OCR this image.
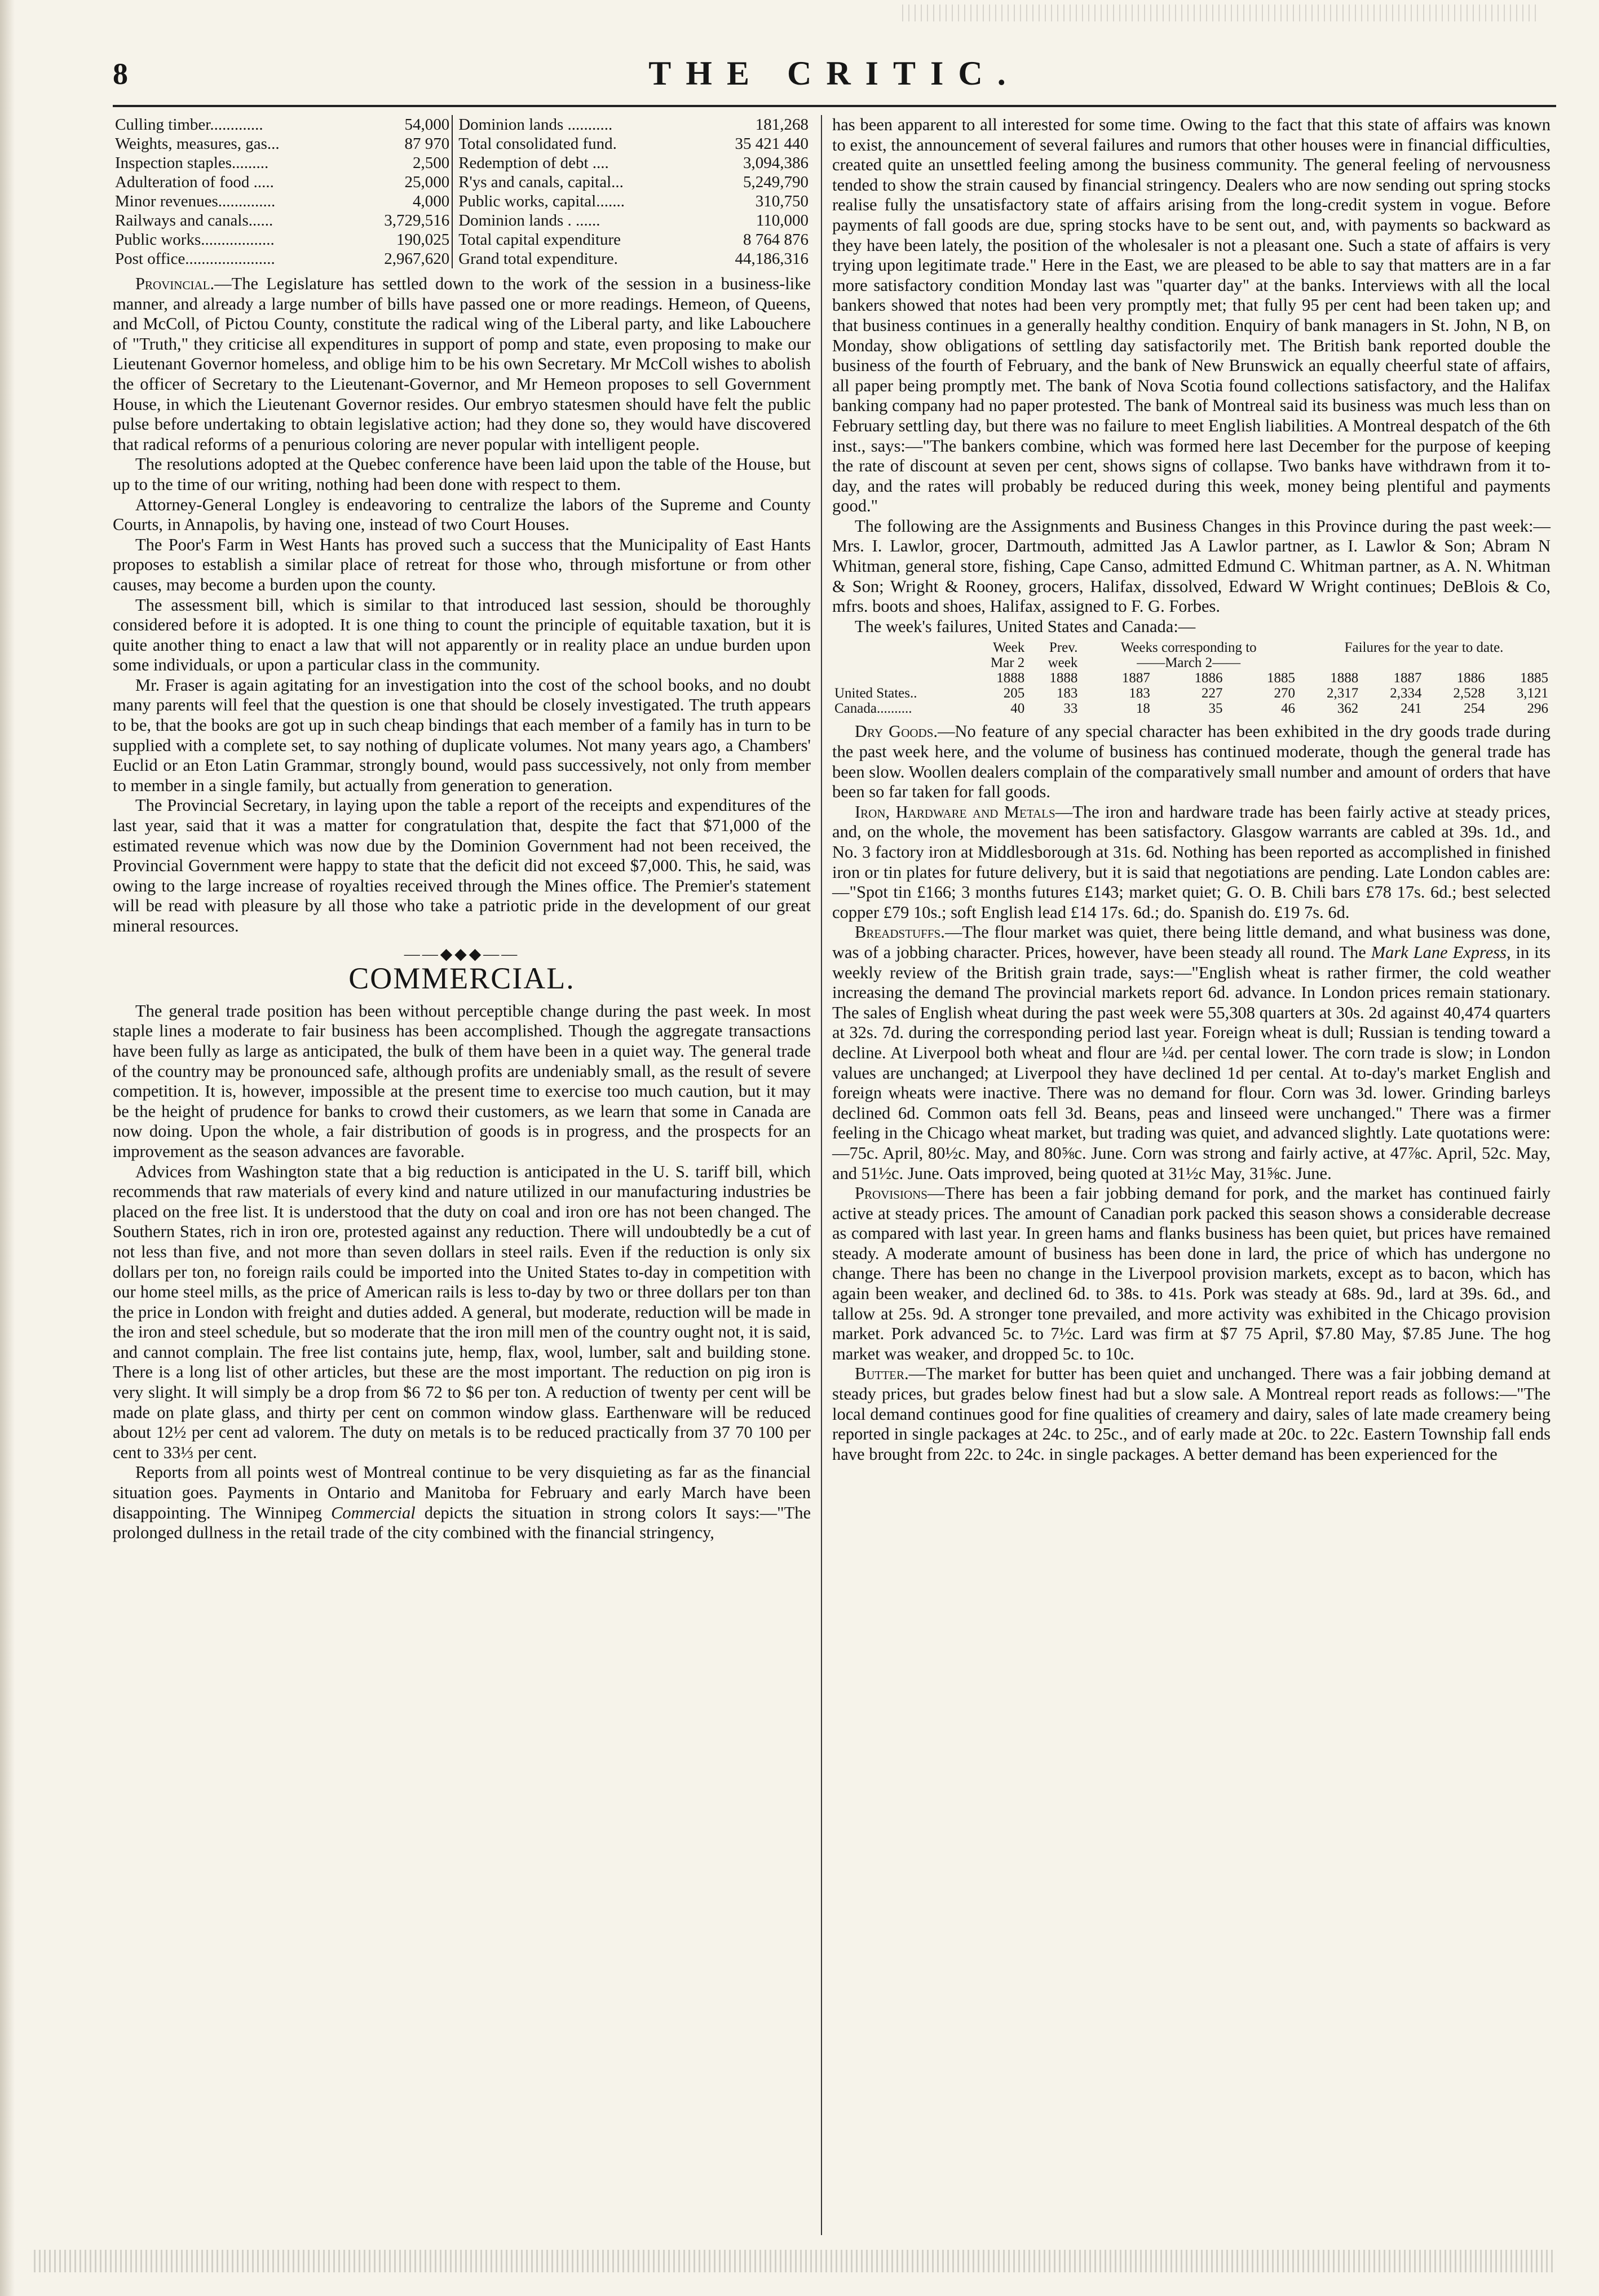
8	THE CRITIC.
Culling timber.............	54,000	Dominion lands ...........	181,268
Weights, measures, gas...	87 970	Total consolidated fund.	35 421 440
Inspection staples.........	2,500	Redemption of debt ....	3,094,386
Adulteration of food .....	25,000	R'ys and canals, capital...	5,249,790
Minor revenues..............	4,000	Public works, capital.......	310,750
Railways and canals......	3,729,516	Dominion lands . ......	110,000
Public works..................	190,025	Total capital expenditure	8 764 876
Post office......................	2,967,620	Grand total expenditure.	44,186,316

Provincial.—The Legislature has settled down to the work of the session in a business-like manner, and already a large number of bills have passed one or more readings. Hemeon, of Queens, and McColl, of Pictou County, constitute the radical wing of the Liberal party, and like Labouchere of "Truth," they criticise all expenditures in support of pomp and state, even proposing to make our Lieutenant Governor homeless, and oblige him to be his own Secretary. Mr McColl wishes to abolish the officer of Secretary to the Lieutenant-Governor, and Mr Hemeon proposes to sell Government House, in which the Lieutenant Governor resides. Our embryo statesmen should have felt the public pulse before undertaking to obtain legislative action; had they done so, they would have discovered that radical reforms of a penurious coloring are never popular with intelligent people.

The resolutions adopted at the Quebec conference have been laid upon the table of the House, but up to the time of our writing, nothing had been done with respect to them.

Attorney-General Longley is endeavoring to centralize the labors of the Supreme and County Courts, in Annapolis, by having one, instead of two Court Houses.

The Poor's Farm in West Hants has proved such a success that the Municipality of East Hants proposes to establish a similar place of retreat for those who, through misfortune or from other causes, may become a burden upon the county.

The assessment bill, which is similar to that introduced last session, should be thoroughly considered before it is adopted. It is one thing to count the principle of equitable taxation, but it is quite another thing to enact a law that will not apparently or in reality place an undue burden upon some individuals, or upon a particular class in the community.

Mr. Fraser is again agitating for an investigation into the cost of the school books, and no doubt many parents will feel that the question is one that should be closely investigated. The truth appears to be, that the books are got up in such cheap bindings that each member of a family has in turn to be supplied with a complete set, to say nothing of duplicate volumes. Not many years ago, a Chambers' Euclid or an Eton Latin Grammar, strongly bound, would pass successively, not only from member to member in a single family, but actually from generation to generation.

The Provincial Secretary, in laying upon the table a report of the receipts and expenditures of the last year, said that it was a matter for congratulation that, despite the fact that $71,000 of the estimated revenue which was now due by the Dominion Government had not been received, the Provincial Government were happy to state that the deficit did not exceed $7,000. This, he said, was owing to the large increase of royalties received through the Mines office. The Premier's statement will be read with pleasure by all those who take a patriotic pride in the development of our great mineral resources.

——◆◆◆——
COMMERCIAL.

The general trade position has been without perceptible change during the past week. In most staple lines a moderate to fair business has been accomplished. Though the aggregate transactions have been fully as large as anticipated, the bulk of them have been in a quiet way. The general trade of the country may be pronounced safe, although profits are undeniably small, as the result of severe competition. It is, however, impossible at the present time to exercise too much caution, but it may be the height of prudence for banks to crowd their customers, as we learn that some in Canada are now doing. Upon the whole, a fair distribution of goods is in progress, and the prospects for an improvement as the season advances are favorable.

Advices from Washington state that a big reduction is anticipated in the U. S. tariff bill, which recommends that raw materials of every kind and nature utilized in our manufacturing industries be placed on the free list. It is understood that the duty on coal and iron ore has not been changed. The Southern States, rich in iron ore, protested against any reduction. There will undoubtedly be a cut of not less than five, and not more than seven dollars in steel rails. Even if the reduction is only six dollars per ton, no foreign rails could be imported into the United States to-day in competition with our home steel mills, as the price of American rails is less to-day by two or three dollars per ton than the price in London with freight and duties added. A general, but moderate, reduction will be made in the iron and steel schedule, but so moderate that the iron mill men of the country ought not, it is said, and cannot complain. The free list contains jute, hemp, flax, wool, lumber, salt and building stone. There is a long list of other articles, but these are the most important. The reduction on pig iron is very slight. It will simply be a drop from $6 72 to $6 per ton. A reduction of twenty per cent will be made on plate glass, and thirty per cent on common window glass. Earthenware will be reduced about 12½ per cent ad valorem. The duty on metals is to be reduced practically from 37 70 100 per cent to 33⅓ per cent.

Reports from all points west of Montreal continue to be very disquieting as far as the financial situation goes. Payments in Ontario and Manitoba for February and early March have been disappointing. The Winnipeg Commercial depicts the situation in strong colors It says:—"The prolonged dullness in the retail trade of the city combined with the financial stringency,

has been apparent to all interested for some time. Owing to the fact that this state of affairs was known to exist, the announcement of several failures and rumors that other houses were in financial difficulties, created quite an unsettled feeling among the business community. The general feeling of nervousness tended to show the strain caused by financial stringency. Dealers who are now sending out spring stocks realise fully the unsatisfactory state of affairs arising from the long-credit system in vogue. Before payments of fall goods are due, spring stocks have to be sent out, and, with payments so backward as they have been lately, the position of the wholesaler is not a pleasant one. Such a state of affairs is very trying upon legitimate trade." Here in the East, we are pleased to be able to say that matters are in a far more satisfactory condition Monday last was "quarter day" at the banks. Interviews with all the local bankers showed that notes had been very promptly met; that fully 95 per cent had been taken up; and that business continues in a generally healthy condition. Enquiry of bank managers in St. John, N B, on Monday, show obligations of settling day satisfactorily met. The British bank reported double the business of the fourth of February, and the bank of New Brunswick an equally cheerful state of affairs, all paper being promptly met. The bank of Nova Scotia found collections satisfactory, and the Halifax banking company had no paper protested. The bank of Montreal said its business was much less than on February settling day, but there was no failure to meet English liabilities. A Montreal despatch of the 6th inst., says:—"The bankers combine, which was formed here last December for the purpose of keeping the rate of discount at seven per cent, shows signs of collapse. Two banks have withdrawn from it to-day, and the rates will probably be reduced during this week, money being plentiful and payments good."

The following are the Assignments and Business Changes in this Province during the past week:—Mrs. I. Lawlor, grocer, Dartmouth, admitted Jas A Lawlor partner, as I. Lawlor & Son; Abram N Whitman, general store, fishing, Cape Canso, admitted Edmund C. Whitman partner, as A. N. Whitman & Son; Wright & Rooney, grocers, Halifax, dissolved, Edward W Wright continues; DeBlois & Co, mfrs. boots and shoes, Halifax, assigned to F. G. Forbes.

The week's failures, United States and Canada:—

	Week	Prev.	Weeks corresponding to			Failures for the year to date.			
	Mar 2	week	——March 2——						
	1888	1888	1887	1886	1885	1888	1887	1886	1885
United States..	205	183	183	227	270	2,317	2,334	2,528	3,121
Canada..........	40	33	18	35	46	362	241	254	296

Dry Goods.—No feature of any special character has been exhibited in the dry goods trade during the past week here, and the volume of business has continued moderate, though the general trade has been slow. Woollen dealers complain of the comparatively small number and amount of orders that have been so far taken for fall goods.

Iron, Hardware and Metals—The iron and hardware trade has been fairly active at steady prices, and, on the whole, the movement has been satisfactory. Glasgow warrants are cabled at 39s. 1d., and No. 3 factory iron at Middlesborough at 31s. 6d. Nothing has been reported as accomplished in finished iron or tin plates for future delivery, but it is said that negotiations are pending. Late London cables are:—"Spot tin £166; 3 months futures £143; market quiet; G. O. B. Chili bars £78 17s. 6d.; best selected copper £79 10s.; soft English lead £14 17s. 6d.; do. Spanish do. £19 7s. 6d.

Breadstuffs.—The flour market was quiet, there being little demand, and what business was done, was of a jobbing character. Prices, however, have been steady all round. The Mark Lane Express, in its weekly review of the British grain trade, says:—"English wheat is rather firmer, the cold weather increasing the demand The provincial markets report 6d. advance. In London prices remain stationary. The sales of English wheat during the past week were 55,308 quarters at 30s. 2d against 40,474 quarters at 32s. 7d. during the corresponding period last year. Foreign wheat is dull; Russian is tending toward a decline. At Liverpool both wheat and flour are ¼d. per cental lower. The corn trade is slow; in London values are unchanged; at Liverpool they have declined 1d per cental. At to-day's market English and foreign wheats were inactive. There was no demand for flour. Corn was 3d. lower. Grinding barleys declined 6d. Common oats fell 3d. Beans, peas and linseed were unchanged." There was a firmer feeling in the Chicago wheat market, but trading was quiet, and advanced slightly. Late quotations were:—75c. April, 80½c. May, and 80⅝c. June. Corn was strong and fairly active, at 47⅞c. April, 52c. May, and 51½c. June. Oats improved, being quoted at 31½c May, 31⅝c. June.

Provisions—There has been a fair jobbing demand for pork, and the market has continued fairly active at steady prices. The amount of Canadian pork packed this season shows a considerable decrease as compared with last year. In green hams and flanks business has been quiet, but prices have remained steady. A moderate amount of business has been done in lard, the price of which has undergone no change. There has been no change in the Liverpool provision markets, except as to bacon, which has again been weaker, and declined 6d. to 38s. to 41s. Pork was steady at 68s. 9d., lard at 39s. 6d., and tallow at 25s. 9d. A stronger tone prevailed, and more activity was exhibited in the Chicago provision market. Pork advanced 5c. to 7½c. Lard was firm at $7 75 April, $7.80 May, $7.85 June. The hog market was weaker, and dropped 5c. to 10c.

Butter.—The market for butter has been quiet and unchanged. There was a fair jobbing demand at steady prices, but grades below finest had but a slow sale. A Montreal report reads as follows:—"The local demand continues good for fine qualities of creamery and dairy, sales of late made creamery being reported in single packages at 24c. to 25c., and of early made at 20c. to 22c. Eastern Township fall ends have brought from 22c. to 24c. in single packages. A better demand has been experienced for the
